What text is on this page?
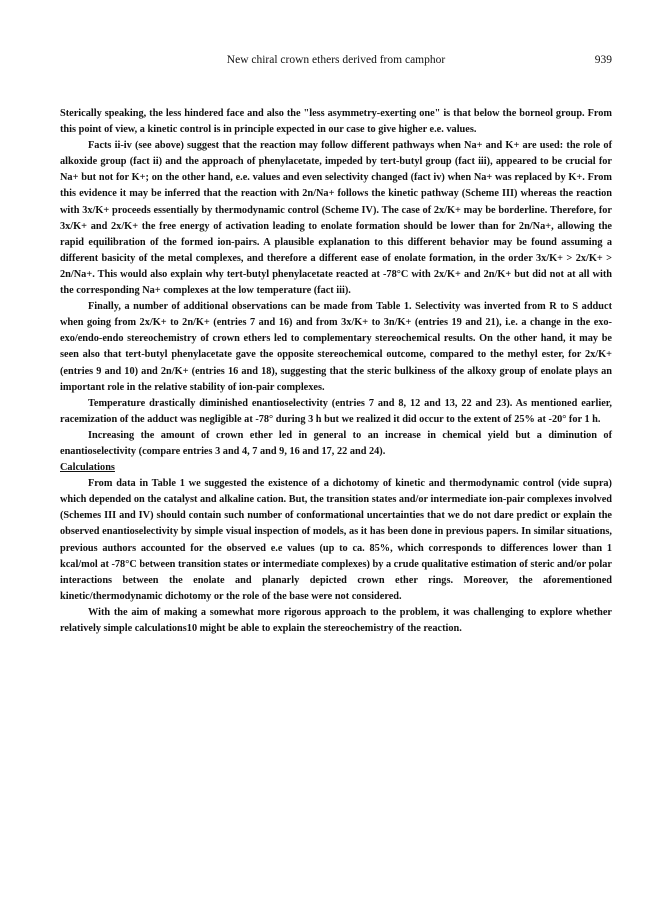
New chiral crown ethers derived from camphor	939

Sterically speaking, the less hindered face and also the "less asymmetry-exerting one" is that below the borneol group. From this point of view, a kinetic control is in principle expected in our case to give higher e.e. values.

Facts ii-iv (see above) suggest that the reaction may follow different pathways when Na+ and K+ are used: the role of alkoxide group (fact ii) and the approach of phenylacetate, impeded by tert-butyl group (fact iii), appeared to be crucial for Na+ but not for K+; on the other hand, e.e. values and even selectivity changed (fact iv) when Na+ was replaced by K+. From this evidence it may be inferred that the reaction with 2n/Na+ follows the kinetic pathway (Scheme III) whereas the reaction with 3x/K+ proceeds essentially by thermodynamic control (Scheme IV). The case of 2x/K+ may be borderline. Therefore, for 3x/K+ and 2x/K+ the free energy of activation leading to enolate formation should be lower than for 2n/Na+, allowing the rapid equilibration of the formed ion-pairs. A plausible explanation to this different behavior may be found assuming a different basicity of the metal complexes, and therefore a different ease of enolate formation, in the order 3x/K+ > 2x/K+ > 2n/Na+. This would also explain why tert-butyl phenylacetate reacted at -78°C with 2x/K+ and 2n/K+ but did not at all with the corresponding Na+ complexes at the low temperature (fact iii).

Finally, a number of additional observations can be made from Table 1. Selectivity was inverted from R to S adduct when going from 2x/K+ to 2n/K+ (entries 7 and 16) and from 3x/K+ to 3n/K+ (entries 19 and 21), i.e. a change in the exo-exo/endo-endo stereochemistry of crown ethers led to complementary stereochemical results. On the other hand, it may be seen also that tert-butyl phenylacetate gave the opposite stereochemical outcome, compared to the methyl ester, for 2x/K+ (entries 9 and 10) and 2n/K+ (entries 16 and 18), suggesting that the steric bulkiness of the alkoxy group of enolate plays an important role in the relative stability of ion-pair complexes.

Temperature drastically diminished enantioselectivity (entries 7 and 8, 12 and 13, 22 and 23). As mentioned earlier, racemization of the adduct was negligible at -78° during 3 h but we realized it did occur to the extent of 25% at -20° for 1 h.

Increasing the amount of crown ether led in general to an increase in chemical yield but a diminution of enantioselectivity (compare entries 3 and 4, 7 and 9, 16 and 17, 22 and 24).

Calculations

From data in Table 1 we suggested the existence of a dichotomy of kinetic and thermodynamic control (vide supra) which depended on the catalyst and alkaline cation. But, the transition states and/or intermediate ion-pair complexes involved (Schemes III and IV) should contain such number of conformational uncertainties that we do not dare predict or explain the observed enantioselectivity by simple visual inspection of models, as it has been done in previous papers. In similar situations, previous authors accounted for the observed e.e values (up to ca. 85%, which corresponds to differences lower than 1 kcal/mol at -78°C between transition states or intermediate complexes) by a crude qualitative estimation of steric and/or polar interactions between the enolate and planarly depicted crown ether rings. Moreover, the aforementioned kinetic/thermodynamic dichotomy or the role of the base were not considered.

With the aim of making a somewhat more rigorous approach to the problem, it was challenging to explore whether relatively simple calculations10 might be able to explain the stereochemistry of the reaction.
